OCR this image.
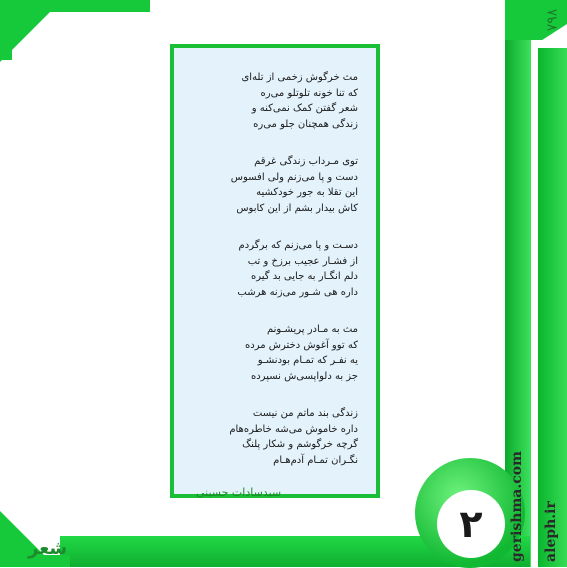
۷۹۸
۲	gerishma.com aleph.ir
شعر
مث خرگوش زخمی از تله‌ای
که تنا خونه تلوتلو می‌ره
شعر گفتن کمک نمی‌کنه و
زندگی همچنان جلو می‌ره
توی مـرداب زندگی غرقم
دست و پا می‌زنم ولی افسوس
این تقلا به جور خودکشیه
کاش بیدار بشم از این کابوس
دسـت و پا می‌زنم که برگردم
از فشـار عجیب برزخ و تب
دلم انگـار به جایی بد گیره
داره هی شـور می‌زنه هرشب
مث به مـادر پریشـونم
که توو آغوش دخترش مرده
یه نفـر که تمـام بودنشـو
جز به دلواپسی‌ش نسپرده
زندگی بند ماتم من نیست
داره خاموش می‌شه خاطره‌هام
گرچه خرگوشم و شکار پلنگ
نگـران تمـام آدم‌هـام
سیدسادات حسینی
